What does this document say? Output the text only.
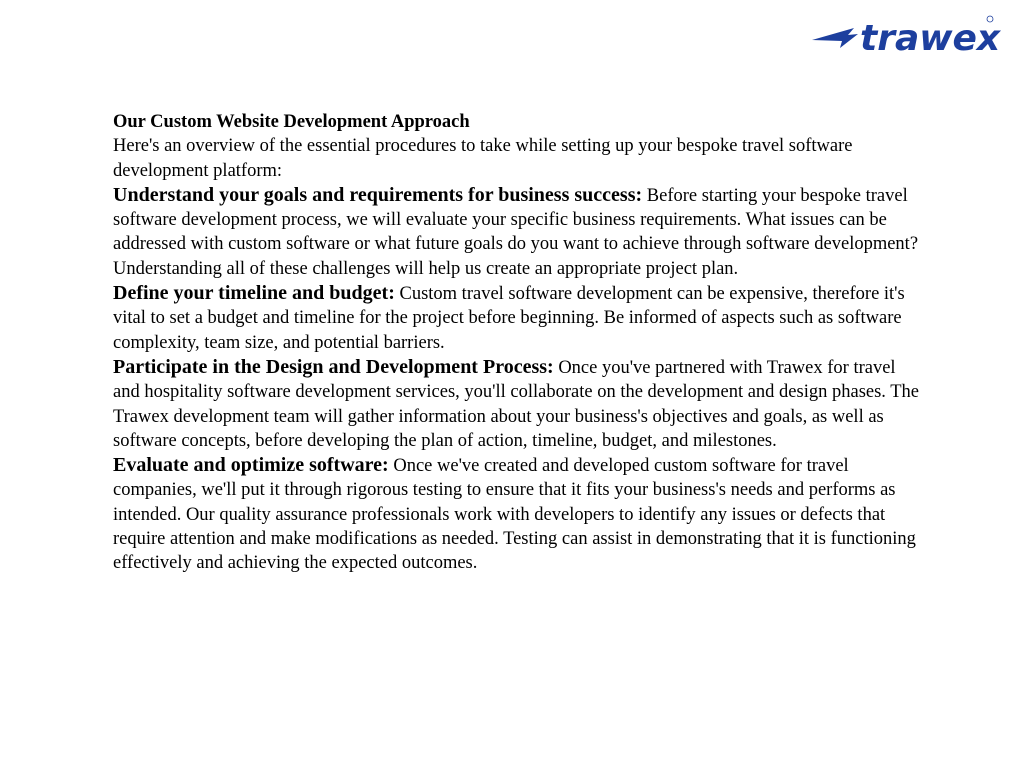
trawex

Our Custom Website Development Approach

Here's an overview of the essential procedures to take while setting up your bespoke travel software development platform:

Understand your goals and requirements for business success: Before starting your bespoke travel software development process, we will evaluate your specific business requirements. What issues can be addressed with custom software or what future goals do you want to achieve through software development? Understanding all of these challenges will help us create an appropriate project plan.

Define your timeline and budget: Custom travel software development can be expensive, therefore it's vital to set a budget and timeline for the project before beginning. Be informed of aspects such as software complexity, team size, and potential barriers.

Participate in the Design and Development Process: Once you've partnered with Trawex for travel and hospitality software development services, you'll collaborate on the development and design phases. The Trawex development team will gather information about your business's objectives and goals, as well as software concepts, before developing the plan of action, timeline, budget, and milestones.

Evaluate and optimize software: Once we've created and developed custom software for travel companies, we'll put it through rigorous testing to ensure that it fits your business's needs and performs as intended. Our quality assurance professionals work with developers to identify any issues or defects that require attention and make modifications as needed. Testing can assist in demonstrating that it is functioning effectively and achieving the expected outcomes.
